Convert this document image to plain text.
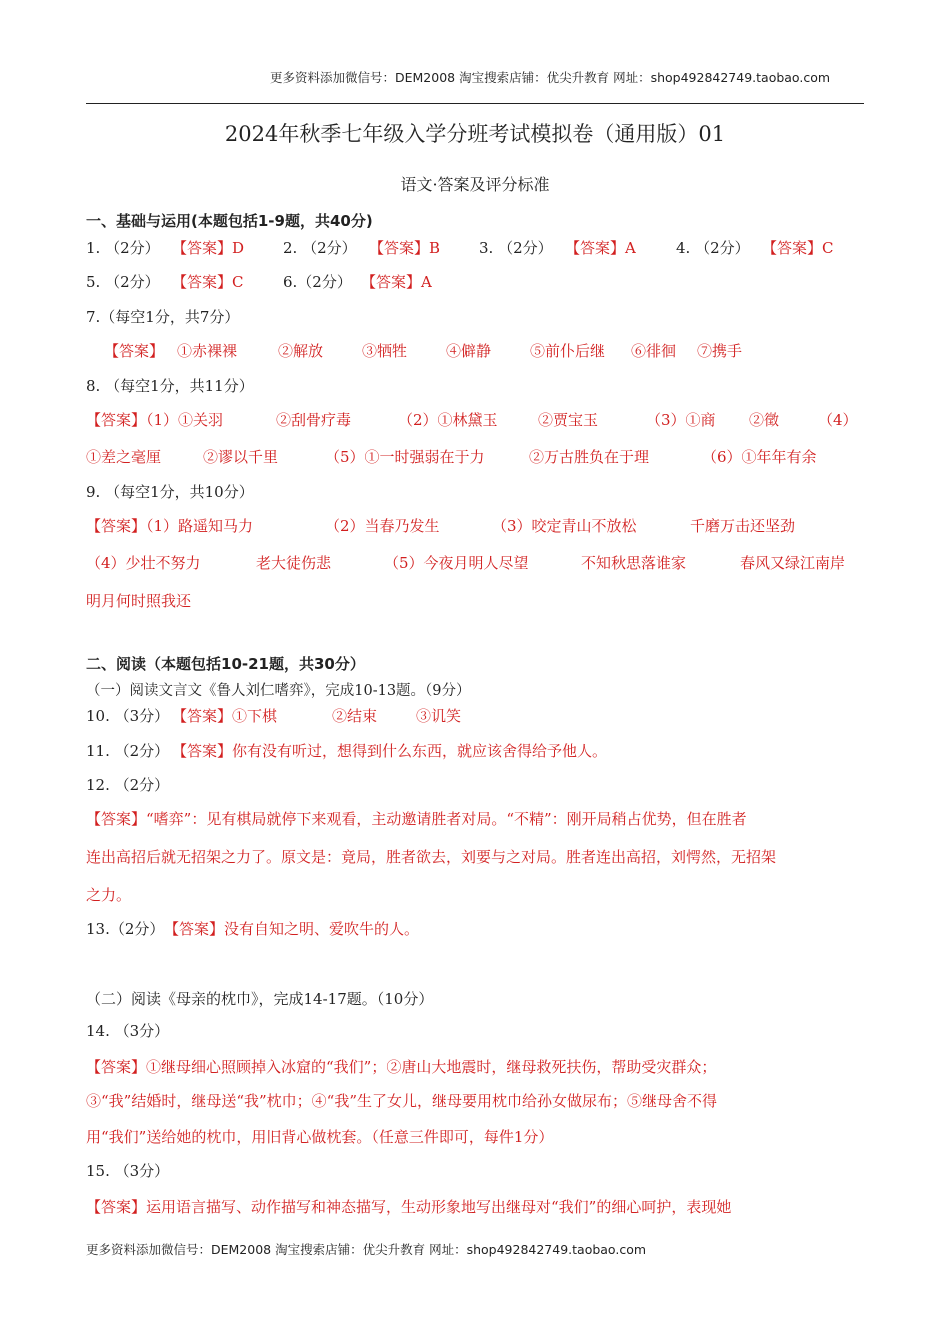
更多资料添加微信号：DEM2008 淘宝搜索店铺：优尖升教育 网址：shop492842749.taobao.com
2024年秋季七年级入学分班考试模拟卷（通用版）01
语文·答案及评分标准
一、基础与运用(本题包括1-9题，共40分)
1. （2分） 【答案】D	2. （2分） 【答案】B	3. （2分） 【答案】A	4. （2分） 【答案】C
5. （2分） 【答案】C	6.（2分） 【答案】A
7.（每空1分，共7分）
【答案】 ①赤裸裸	②解放	③牺牲	④僻静	⑤前仆后继 ⑥徘徊 ⑦携手
8. （每空1分，共11分）
【答案】（1）①关羽	②刮骨疗毒	（2）①林黛玉	②贾宝玉	（3）①商 ②徵	（4）
①差之毫厘	②谬以千里	（5）①一时强弱在于力	②万古胜负在于理	（6）①年年有余
9. （每空1分，共10分）
【答案】（1）路遥知马力	（2）当春乃发生	（3）咬定青山不放松	千磨万击还坚劲
（4）少壮不努力	老大徒伤悲	（5）今夜月明人尽望	不知秋思落谁家	春风又绿江南岸
明月何时照我还
二、阅读（本题包括10-21题，共30分）
（一）阅读文言文《鲁人刘仁嗜弈》，完成10-13题。（9分）
10. （3分） 【答案】①下棋	②结束	③讥笑
11. （2分） 【答案】你有没有听过，想得到什么东西，就应该舍得给予他人。
12. （2分）
【答案】“嗜弈”：见有棋局就停下来观看，主动邀请胜者对局。“不精”：刚开局稍占优势，但在胜者
连出高招后就无招架之力了。原文是：竟局，胜者欲去，刘要与之对局。胜者连出高招，刘愕然，无招架
之力。
13.（2分） 【答案】没有自知之明、爱吹牛的人。
（二）阅读《母亲的枕巾》，完成14-17题。（10分）
14. （3分）
【答案】①继母细心照顾掉入冰窟的“我们”；②唐山大地震时，继母救死扶伤，帮助受灾群众；
③“我”结婚时，继母送“我”枕巾；④“我”生了女儿，继母要用枕巾给孙女做尿布；⑤继母舍不得
用“我们”送给她的枕巾，用旧背心做枕套。（任意三件即可，每件1分）
15. （3分）
【答案】运用语言描写、动作描写和神态描写，生动形象地写出继母对“我们”的细心呵护，表现她
更多资料添加微信号：DEM2008 淘宝搜索店铺：优尖升教育 网址：shop492842749.taobao.com
